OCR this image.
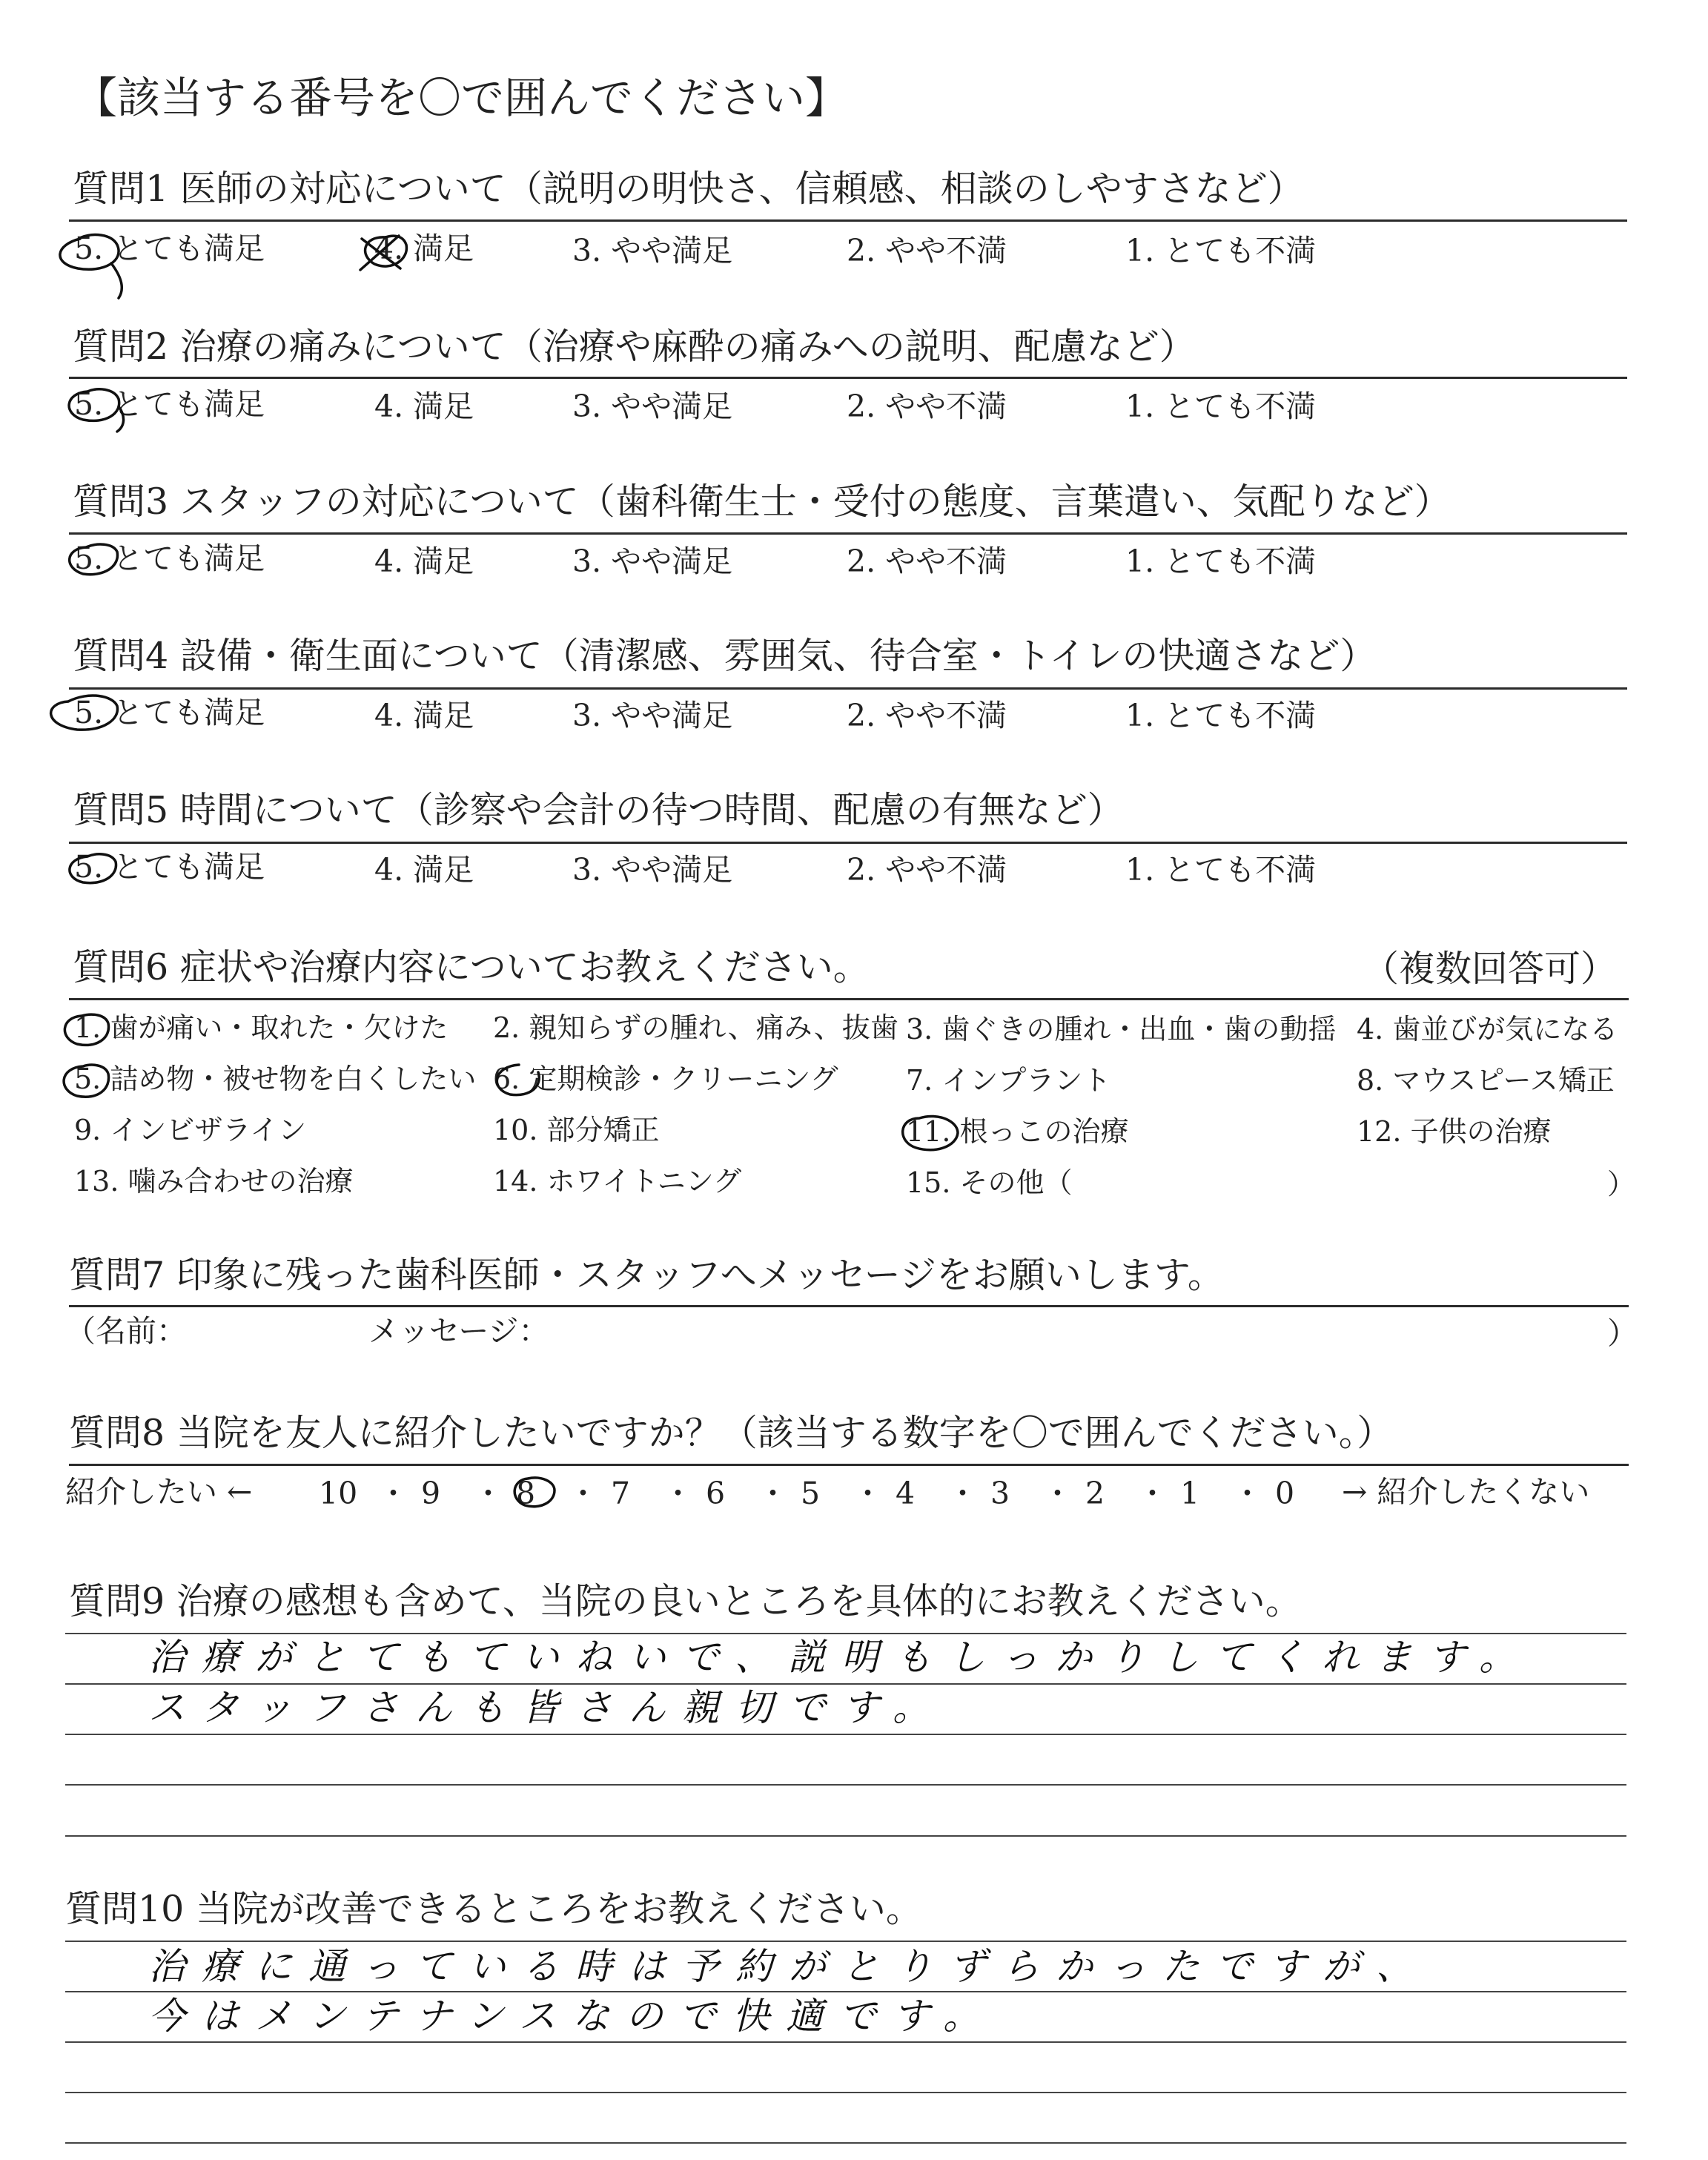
【該当する番号を〇で囲んでください】
質問1 医師の対応について（説明の明快さ、信頼感、相談のしやすさなど）
5. とても満足	4. 満足	3. やや満足	2. やや不満	1. とても不満
質問2 治療の痛みについて（治療や麻酔の痛みへの説明、配慮など）
5. とても満足	4. 満足	3. やや満足	2. やや不満	1. とても不満
質問3 スタッフの対応について（歯科衛生士・受付の態度、言葉遣い、気配りなど）
5. とても満足	4. 満足	3. やや満足	2. やや不満	1. とても不満
質問4 設備・衛生面について（清潔感、雰囲気、待合室・トイレの快適さなど）
5. とても満足	4. 満足	3. やや満足	2. やや不満	1. とても不満
質問5 時間について（診察や会計の待つ時間、配慮の有無など）
5. とても満足	4. 満足	3. やや満足	2. やや不満	1. とても不満
質問6 症状や治療内容についてお教えください。	（複数回答可）
1. 歯が痛い・取れた・欠けた 2. 親知らずの腫れ、痛み、抜歯 3. 歯ぐきの腫れ・出血・歯の動揺 4. 歯並びが気になる
5. 詰め物・被せ物を白くしたい 6. 定期検診・クリーニング 7. インプラント	8. マウスピース矯正
9. インビザライン	10. 部分矯正	11. 根っこの治療	12. 子供の治療
13. 噛み合わせの治療	14. ホワイトニング	15. その他（	）
質問7 印象に残った歯科医師・スタッフへメッセージをお願いします。
（名前：	メッセージ：	）
質問8 当院を友人に紹介したいですか？（該当する数字を〇で囲んでください。）
紹介したい ← 10 ・ 9 ・ 8 ・ 7 ・ 6 ・ 5 ・ 4 ・ 3 ・ 2 ・ 1 ・ 0 → 紹介したくない
質問9 治療の感想も含めて、当院の良いところを具体的にお教えください。
治療がとてもていねいで、説明もしっかりしてくれます。
スタッフさんも皆さん親切です。
質問10 当院が改善できるところをお教えください。
治療に通っている時は予約がとりずらかったですが、
今はメンテナンスなので快適です。
